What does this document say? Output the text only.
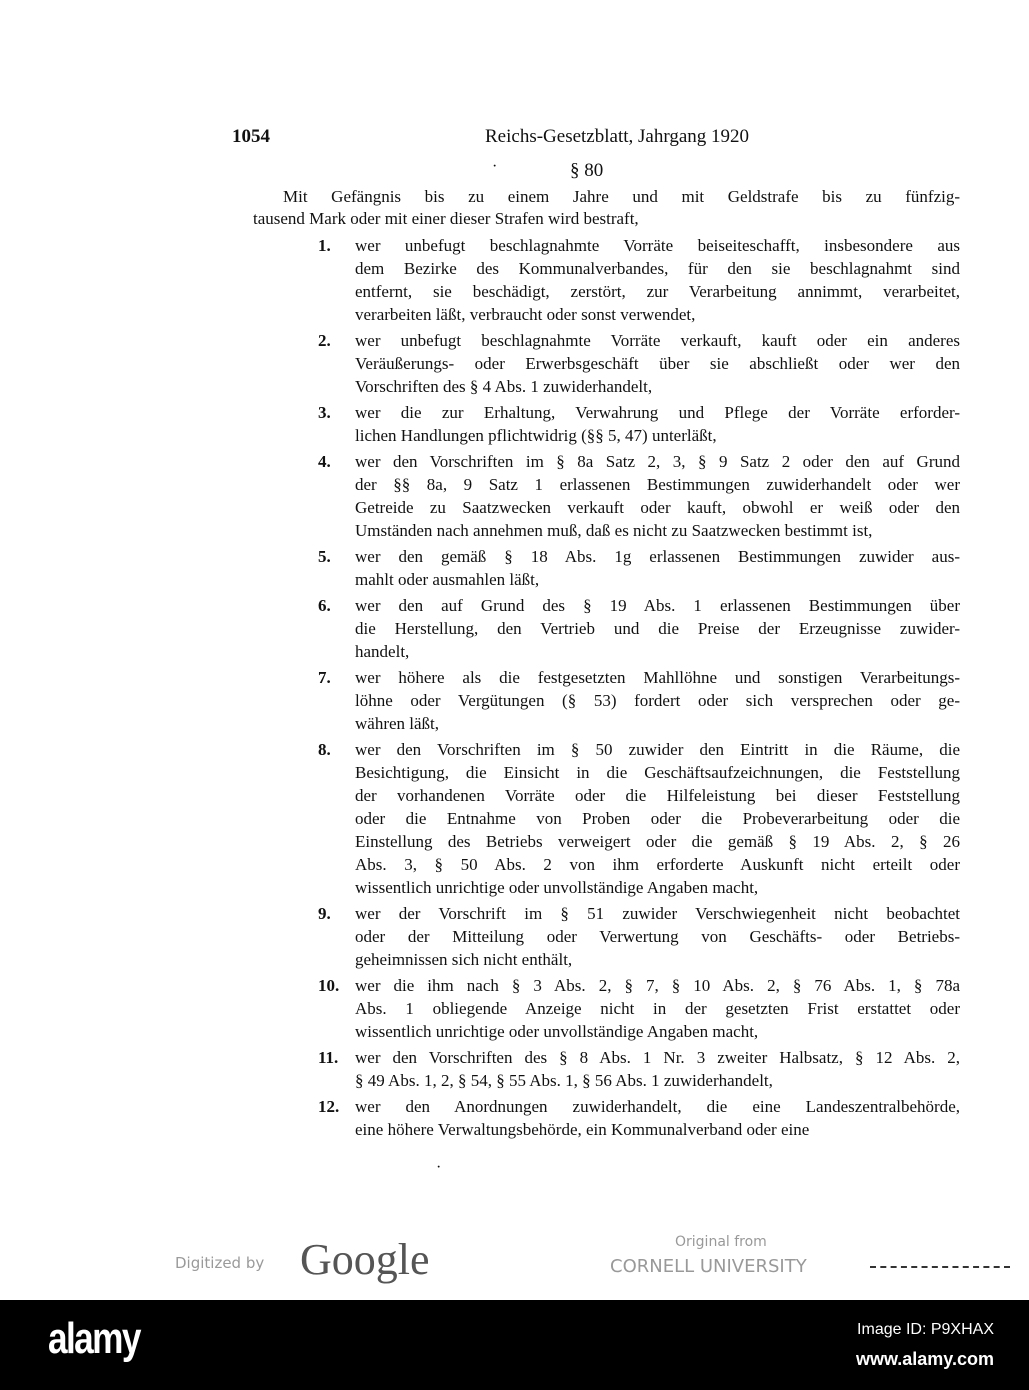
1054	Reichs-Gesetzblatt, Jahrgang 1920
·	§ 80
Mit Gefängnis bis zu einem Jahre und mit Geldstrafe bis zu fünfzig-
tausend Mark oder mit einer dieser Strafen wird bestraft,
1.	wer unbefugt beschlagnahmte Vorräte beiseiteschafft, insbesondere aus
dem Bezirke des Kommunalverbandes, für den sie beschlagnahmt sind
entfernt, sie beschädigt, zerstört, zur Verarbeitung annimmt, verarbeitet,
verarbeiten läßt, verbraucht oder sonst verwendet,
2.	wer unbefugt beschlagnahmte Vorräte verkauft, kauft oder ein anderes
Veräußerungs- oder Erwerbsgeschäft über sie abschließt oder wer den
Vorschriften des § 4 Abs. 1 zuwiderhandelt,
3.	wer die zur Erhaltung, Verwahrung und Pflege der Vorräte erforder-
lichen Handlungen pflichtwidrig (§§ 5, 47) unterläßt,
4.	wer den Vorschriften im § 8a Satz 2, 3, § 9 Satz 2 oder den auf Grund
der §§ 8a, 9 Satz 1 erlassenen Bestimmungen zuwiderhandelt oder wer
Getreide zu Saatzwecken verkauft oder kauft, obwohl er weiß oder den
Umständen nach annehmen muß, daß es nicht zu Saatzwecken bestimmt ist,
5.	wer den gemäß § 18 Abs. 1g erlassenen Bestimmungen zuwider aus-
mahlt oder ausmahlen läßt,
6.	wer den auf Grund des § 19 Abs. 1 erlassenen Bestimmungen über
die Herstellung, den Vertrieb und die Preise der Erzeugnisse zuwider-
handelt,
7.	wer höhere als die festgesetzten Mahllöhne und sonstigen Verarbeitungs-
löhne oder Vergütungen (§ 53) fordert oder sich versprechen oder ge-
währen läßt,
8.	wer den Vorschriften im § 50 zuwider den Eintritt in die Räume, die
Besichtigung, die Einsicht in die Geschäftsaufzeichnungen, die Feststellung
der vorhandenen Vorräte oder die Hilfeleistung bei dieser Feststellung
oder die Entnahme von Proben oder die Probeverarbeitung oder die
Einstellung des Betriebs verweigert oder die gemäß § 19 Abs. 2, § 26
Abs. 3, § 50 Abs. 2 von ihm erforderte Auskunft nicht erteilt oder
wissentlich unrichtige oder unvollständige Angaben macht,
9.	wer der Vorschrift im § 51 zuwider Verschwiegenheit nicht beobachtet
oder der Mitteilung oder Verwertung von Geschäfts- oder Betriebs-
geheimnissen sich nicht enthält,
10. wer die ihm nach § 3 Abs. 2, § 7, § 10 Abs. 2, § 76 Abs. 1, § 78a
Abs. 1 obliegende Anzeige nicht in der gesetzten Frist erstattet oder
wissentlich unrichtige oder unvollständige Angaben macht,
11. wer den Vorschriften des § 8 Abs. 1 Nr. 3 zweiter Halbsatz, § 12 Abs. 2,
§ 49 Abs. 1, 2, § 54, § 55 Abs. 1, § 56 Abs. 1 zuwiderhandelt,
12. wer den Anordnungen zuwiderhandelt, die eine Landeszentralbehörde,
eine höhere Verwaltungsbehörde, ein Kommunalverband oder eine
·
Digitized by Google	Original from
CORNELL UNIVERSITY
alamy	Image ID: P9XHAX
www.alamy.com
